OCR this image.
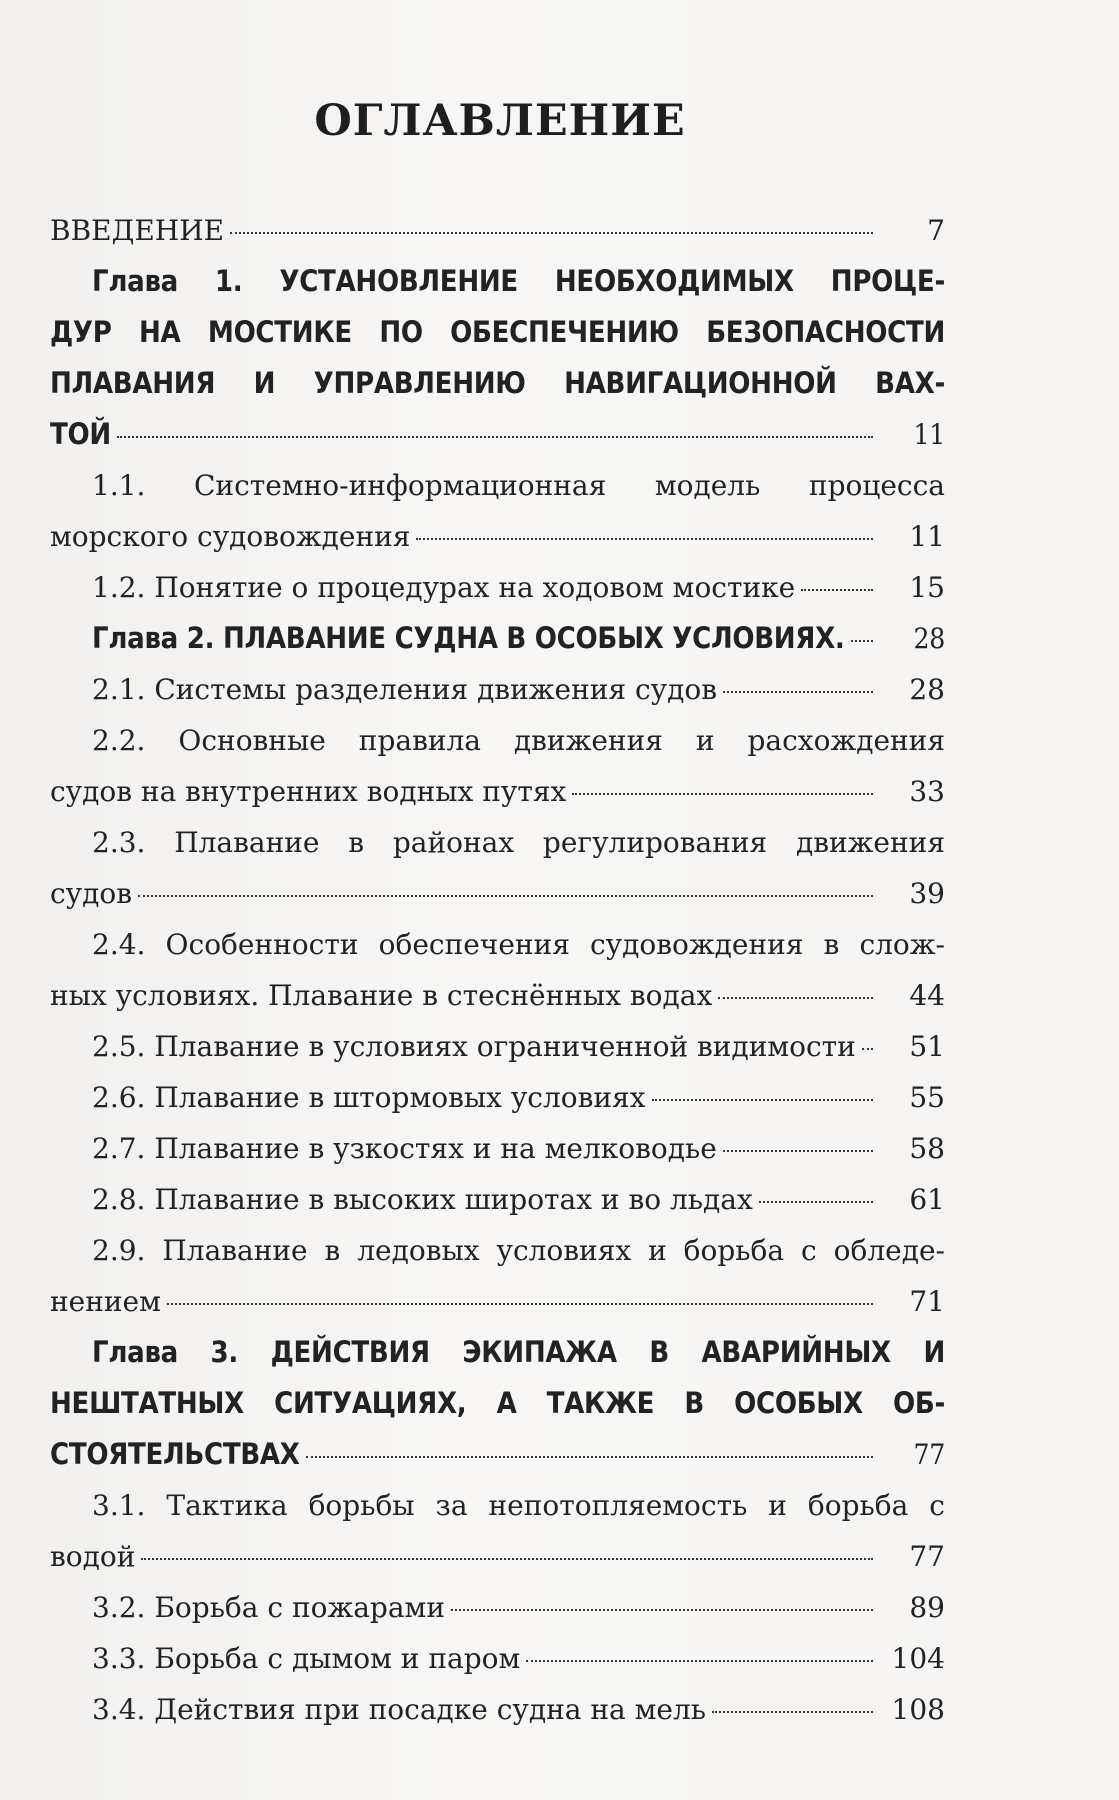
ОГЛАВЛЕНИЕ
ВВЕДЕНИЕ	7
Глава 1. УСТАНОВЛЕНИЕ НЕОБХОДИМЫХ ПРОЦЕ-
ДУР НА МОСТИКЕ ПО ОБЕСПЕЧЕНИЮ БЕЗОПАСНОСТИ
ПЛАВАНИЯ И УПРАВЛЕНИЮ НАВИГАЦИОННОЙ ВАХ-
ТОЙ	11
1.1. Системно-информационная модель процесса
морского судовождения	11
1.2. Понятие о процедурах на ходовом мостике	15
Глава 2. ПЛАВАНИЕ СУДНА В ОСОБЫХ УСЛОВИЯХ.	28
2.1. Системы разделения движения судов	28
2.2. Основные правила движения и расхождения
судов на внутренних водных путях	33
2.3. Плавание в районах регулирования движения
судов	39
2.4. Особенности обеспечения судовождения в слож-
ных условиях. Плавание в стеснённых водах	44
2.5. Плавание в условиях ограниченной видимости	51
2.6. Плавание в штормовых условиях	55
2.7. Плавание в узкостях и на мелководье	58
2.8. Плавание в высоких широтах и во льдах	61
2.9. Плавание в ледовых условиях и борьба с обледе-
нением	71
Глава 3. ДЕЙСТВИЯ ЭКИПАЖА В АВАРИЙНЫХ И
НЕШТАТНЫХ СИТУАЦИЯХ, А ТАКЖЕ В ОСОБЫХ ОБ-
СТОЯТЕЛЬСТВАХ	77
3.1. Тактика борьбы за непотопляемость и борьба с
водой	77
3.2. Борьба с пожарами	89
3.3. Борьба с дымом и паром	104
3.4. Действия при посадке судна на мель	108
